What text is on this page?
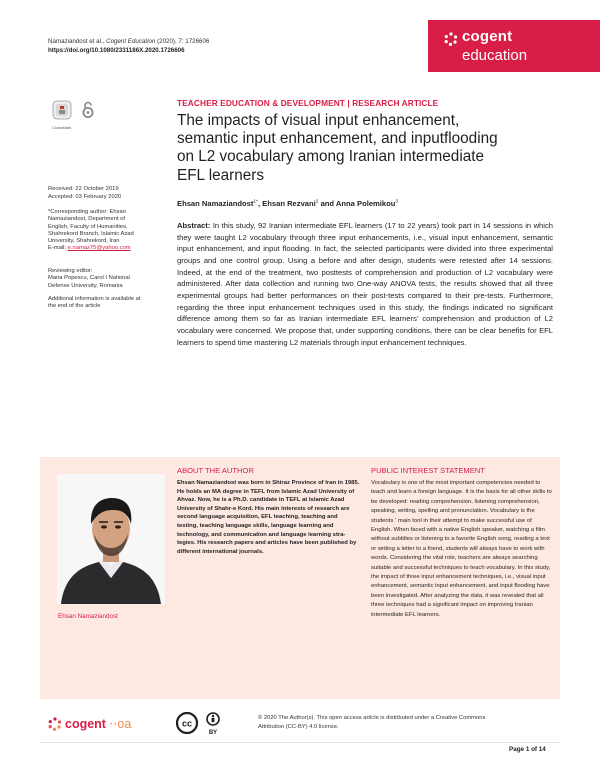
Namaziandost et al., Cogent Education (2020), 7: 1726606
https://doi.org/10.1080/2331186X.2020.1726606
cogent
education
CrossMark
Received: 22 October 2019
Accepted: 03 February 2020
*Corresponding author: Ehsan
Namaziandost, Department of
English, Faculty of Humanities,
Shahrekord Branch, Islamic Azad
University, Shahrekord, Iran
E-mail: e.namaz75@yahoo.com
Reviewing editor:
Maria Popescu, Carol I National
Defense University, Romania
Additional information is available at
the end of the article
TEACHER EDUCATION & DEVELOPMENT | RESEARCH ARTICLE
The impacts of visual input enhancement,
semantic input enhancement, and inputflooding
on L2 vocabulary among Iranian intermediate
EFL learners
Ehsan Namaziandost$^{1*}$, Ehsan Rezvani$^2$ and Anna Polemikou$^3$
Abstract: In this study, 92 Iranian intermediate EFL learners (17 to 22 years) took part in 14 sessions in which they were taught L2 vocabulary through three input enhancements, i.e., visual input enhancement, semantic input enhancement, and input flooding. In fact, the selected participants were divided into three experimental groups and one control group. Using a before and after design, students were retested after 14 sessions. Indeed, at the end of the treatment, two posttests of comprehension and production of L2 vocabulary were administered. After data collection and running two One-way ANOVA tests, the results showed that all three experimental groups had better performances on their post-tests compared to their pre-tests. Furthermore, regarding the three input enhancement techniques used in this study, the findings indicated no significant difference among them so far as Iranian intermediate EFL learners’ comprehension and production of L2 vocabulary were concerned. We propose that, under supporting conditions, there can be clear benefits for EFL learners to spend time mastering L2 materials through input enhancement techniques.
Ehsan Namaziandost
ABOUT THE AUTHOR
Ehsan Namaziandost was born in Shiraz Province of Iran in 1985. He holds an MA degree in TEFL from Islamic Azad University of Ahvaz. Now, he is a Ph.D. candidate in TEFL at Islamic Azad University of Shahr-e Kord. His main interests of research are second language acquisition, EFL teaching, teaching and testing, teaching language skills, language learning and technology, and communication and language learning strategies. His research papers and articles have been published by different international journals.
PUBLIC INTEREST STATEMENT
Vocabulary is one of the most important competencies needed to teach and learn a foreign language. It is the basis for all other skills to be developed: reading comprehension, listening comprehension, speaking, writing, spelling and pronunciation. Vocabulary is the students ‘ main tool in their attempt to make successful use of English. When faced with a native English speaker, watching a film without subtitles or listening to a favorite English song, reading a text or writing a letter to a friend, students will always have to work with words. Considering the vital role, teachers are always searching suitable and successful techniques to teach vocabulary. In this study, the impact of three input enhancement techniques, i.e., visual input enhancement, semantic input enhancement, and input flooding have been investigated. After analyzing the data, it was revealed that all three techniques had a significant impact on improving Iranian intermediate EFL learners.
cogent ⋅⋅oa	cc
BY
© 2020 The Author(s). This open access article is distributed under a Creative Commons
Attribution (CC-BY) 4.0 license.
Page 1 of 14
